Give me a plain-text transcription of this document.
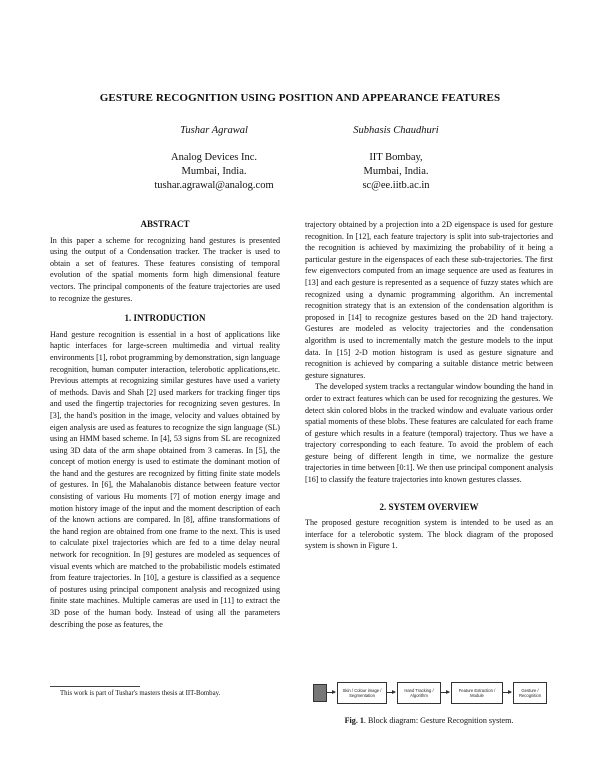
GESTURE RECOGNITION USING POSITION AND APPEARANCE FEATURES
Tushar Agrawal
Analog Devices Inc.
Mumbai, India.
tushar.agrawal@analog.com
Subhasis Chaudhuri
IIT Bombay,
Mumbai, India.
sc@ee.iitb.ac.in

ABSTRACT

In this paper a scheme for recognizing hand gestures is presented using the output of a Condensation tracker. The tracker is used to obtain a set of features. These features consisting of temporal evolution of the spatial moments form high dimensional feature vectors. The principal components of the feature trajectories are used to recognize the gestures.

1. INTRODUCTION

Hand gesture recognition is essential in a host of applications like haptic interfaces for large-screen multimedia and virtual reality environments [1], robot programming by demonstration, sign language recognition, human computer interaction, telerobotic applications,etc. Previous attempts at recognizing similar gestures have used a variety of methods. Davis and Shah [2] used markers for tracking finger tips and used the fingertip trajectories for recognizing seven gestures. In [3], the hand's position in the image, velocity and values obtained by eigen analysis are used as features to recognize the sign language (SL) using an HMM based scheme. In [4], 53 signs from SL are recognized using 3D data of the arm shape obtained from 3 cameras. In [5], the concept of motion energy is used to estimate the dominant motion of the hand and the gestures are recognized by fitting finite state models of gestures. In [6], the Mahalanobis distance between feature vector consisting of various Hu moments [7] of motion energy image and motion history image of the input and the moment description of each of the known actions are compared. In [8], affine transformations of the hand region are obtained from one frame to the next. This is used to calculate pixel trajectories which are fed to a time delay neural network for recognition. In [9] gestures are modeled as sequences of visual events which are matched to the probabilistic models estimated from feature trajectories. In [10], a gesture is classified as a sequence of postures using principal component analysis and recognized using finite state machines. Multiple cameras are used in [11] to extract the 3D pose of the human body. Instead of using all the parameters describing the pose as features, the

This work is part of Tushar's masters thesis at IIT-Bombay.

trajectory obtained by a projection into a 2D eigenspace is used for gesture recognition. In [12], each feature trajectory is split into sub-trajectories and the recognition is achieved by maximizing the probability of it being a particular gesture in the eigenspaces of each these sub-trajectories. The first few eigenvectors computed from an image sequence are used as features in [13] and each gesture is represented as a sequence of fuzzy states which are recognized using a dynamic programming algorithm. An incremental recognition strategy that is an extension of the condensation algorithm is proposed in [14] to recognize gestures based on the 2D hand trajectory. Gestures are modeled as velocity trajectories and the condensation algorithm is used to incrementally match the gesture models to the input data. In [15] 2-D motion histogram is used as gesture signature and recognition is achieved by comparing a suitable distance metric between gesture signatures.

The developed system tracks a rectangular window bounding the hand in order to extract features which can be used for recognizing the gestures. We detect skin colored blobs in the tracked window and evaluate various order spatial moments of these blobs. These features are calculated for each frame of gesture which results in a feature (temporal) trajectory. Thus we have a trajectory corresponding to each feature. To avoid the problem of each gesture being of different length in time, we normalize the gesture trajectories in time between [0:1]. We then use principal component analysis [16] to classify the feature trajectories into known gestures classes.

2. SYSTEM OVERVIEW

The proposed gesture recognition system is intended to be used as an interface for a telerobotic system. The block diagram of the proposed system is shown in Figure 1.

Skin / Colour image / Segmentation
Hand Tracking / Algorithm
Feature Extraction / Module
Gesture / Recognition
Fig. 1. Block diagram: Gesture Recognition system.
